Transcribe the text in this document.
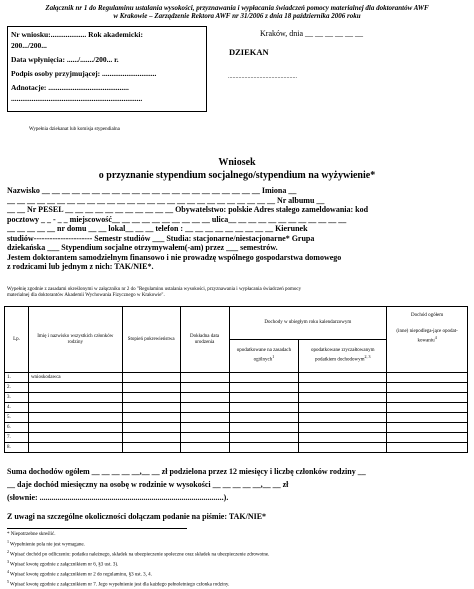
Załącznik nr 1 do Regulaminu ustalania wysokości, przyznawania i wypłacania świadczeń pomocy materialnej dla doktorantów AWF
w Krakowie – Zarządzenie Rektora AWF nr 31/2006 z dnia 18 października 2006 roku
Nr wniosku:................... Rok akademicki:
200.../200...
Data wpłynięcia: ....../......./200... r.
Podpis osoby przyjmującej: .............................
Adnotacje: ...........................................
......................................................................
Kraków, dnia __ __ __ __ __ __
DZIEKAN
..............................................
Wypełnia dziekanat lub komisja stypendialna
Wniosek
o przyznanie stypendium socjalnego/stypendium na wyżywienie*
Nazwisko __ __ __ __ __ __ __ __ __ __ __ __ __ __ __ __ __ __ __ __ __ __ Imiona __
__ __ __ __ __ __ __ __ __ __ __ __ __ __ __ __ __ __ __ __ __ __ __ __ __ __ __ Nr albumu __
__ __ Nr PESEL __ __ __ __ __ __ __ __ __ __ __ Obywatelstwo: polskie Adres stałego zameldowania: kod
pocztowy _ _ - _ _ miejscowość__ __ __ __ __ __ __ __ __ __ ulica__ __ __ __ __ __ __ __ __ __ __ __
__ __ __ __ __ nr domu __ __ lokal__ __ __ telefon : __ __ __ __ __ __ __ __ __ Kierunek
studiów---------------------- Semestr studiów ___ Studia: stacjonarne/niestacjonarne* Grupa
dziekańska ___ Stypendium socjalne otrzymywałem(-am) przez ___ semestrów.
Jestem doktorantem samodzielnym finansowo i nie prowadzę wspólnego gospodarstwa domowego
z rodzicami lub jednym z nich: TAK/NIE*.
Wypełnię zgodnie z zasadami określonymi w załączniku nr 2 do "Regulaminu ustalania wysokości, przyznawania i wypłacania świadczeń pomocy materialnej dla doktorantów Akademii Wychowania Fizycznego w Krakowie".
Lp.	Imię i nazwisko wszystkich członków rodziny	Stopień pokrewieństwa	Dokładna data urodzenia	Dochody w ubiegłym roku kalendarzowym		Dochód ogółem
(inne) niepodlega-jące opodat-kowaniu$^4$

				opodatkowane na zasadach ogólnych$^1$	opodatkowane zryczałtowanym podatkiem dochodowym$^{2, 3}$
1.	wnioskodawca					
2.						
3.						
4.						
5.						
6.						
7.						
8.						
Suma dochodów ogółem __ __ __ __ __,__ __ zł podzielona przez 12 miesięcy i liczbę członków rodziny __
__ daje dochód miesięczny na osobę w rodzinie w wysokości __ __ __ __ __,__ __ zł
(słownie: ............................................................................................).
Z uwagi na szczególne okoliczności dołączam podanie na piśmie: TAK/NIE*
* Niepotrzebne skreślić.
$^1$Wypełnienie pola nie jest wymagane.
$^2$Wpisać dochód po odliczeniu: podatku należnego, składek na ubezpieczenie społeczne oraz składek na ubezpieczenie zdrowotne.
$^3$Wpisać kwotę zgodnie z załącznikiem nr 6, §3 ust. 3).
$^4$Wpisać kwotę zgodnie z załącznikiem nr 2 do regulaminu, §3 ust. 3, 4.
$^5$Wpisać kwotę zgodnie z załącznikiem nr 7. Jego wypełnienie jest dla każdego pełnoletniego członka rodziny.
